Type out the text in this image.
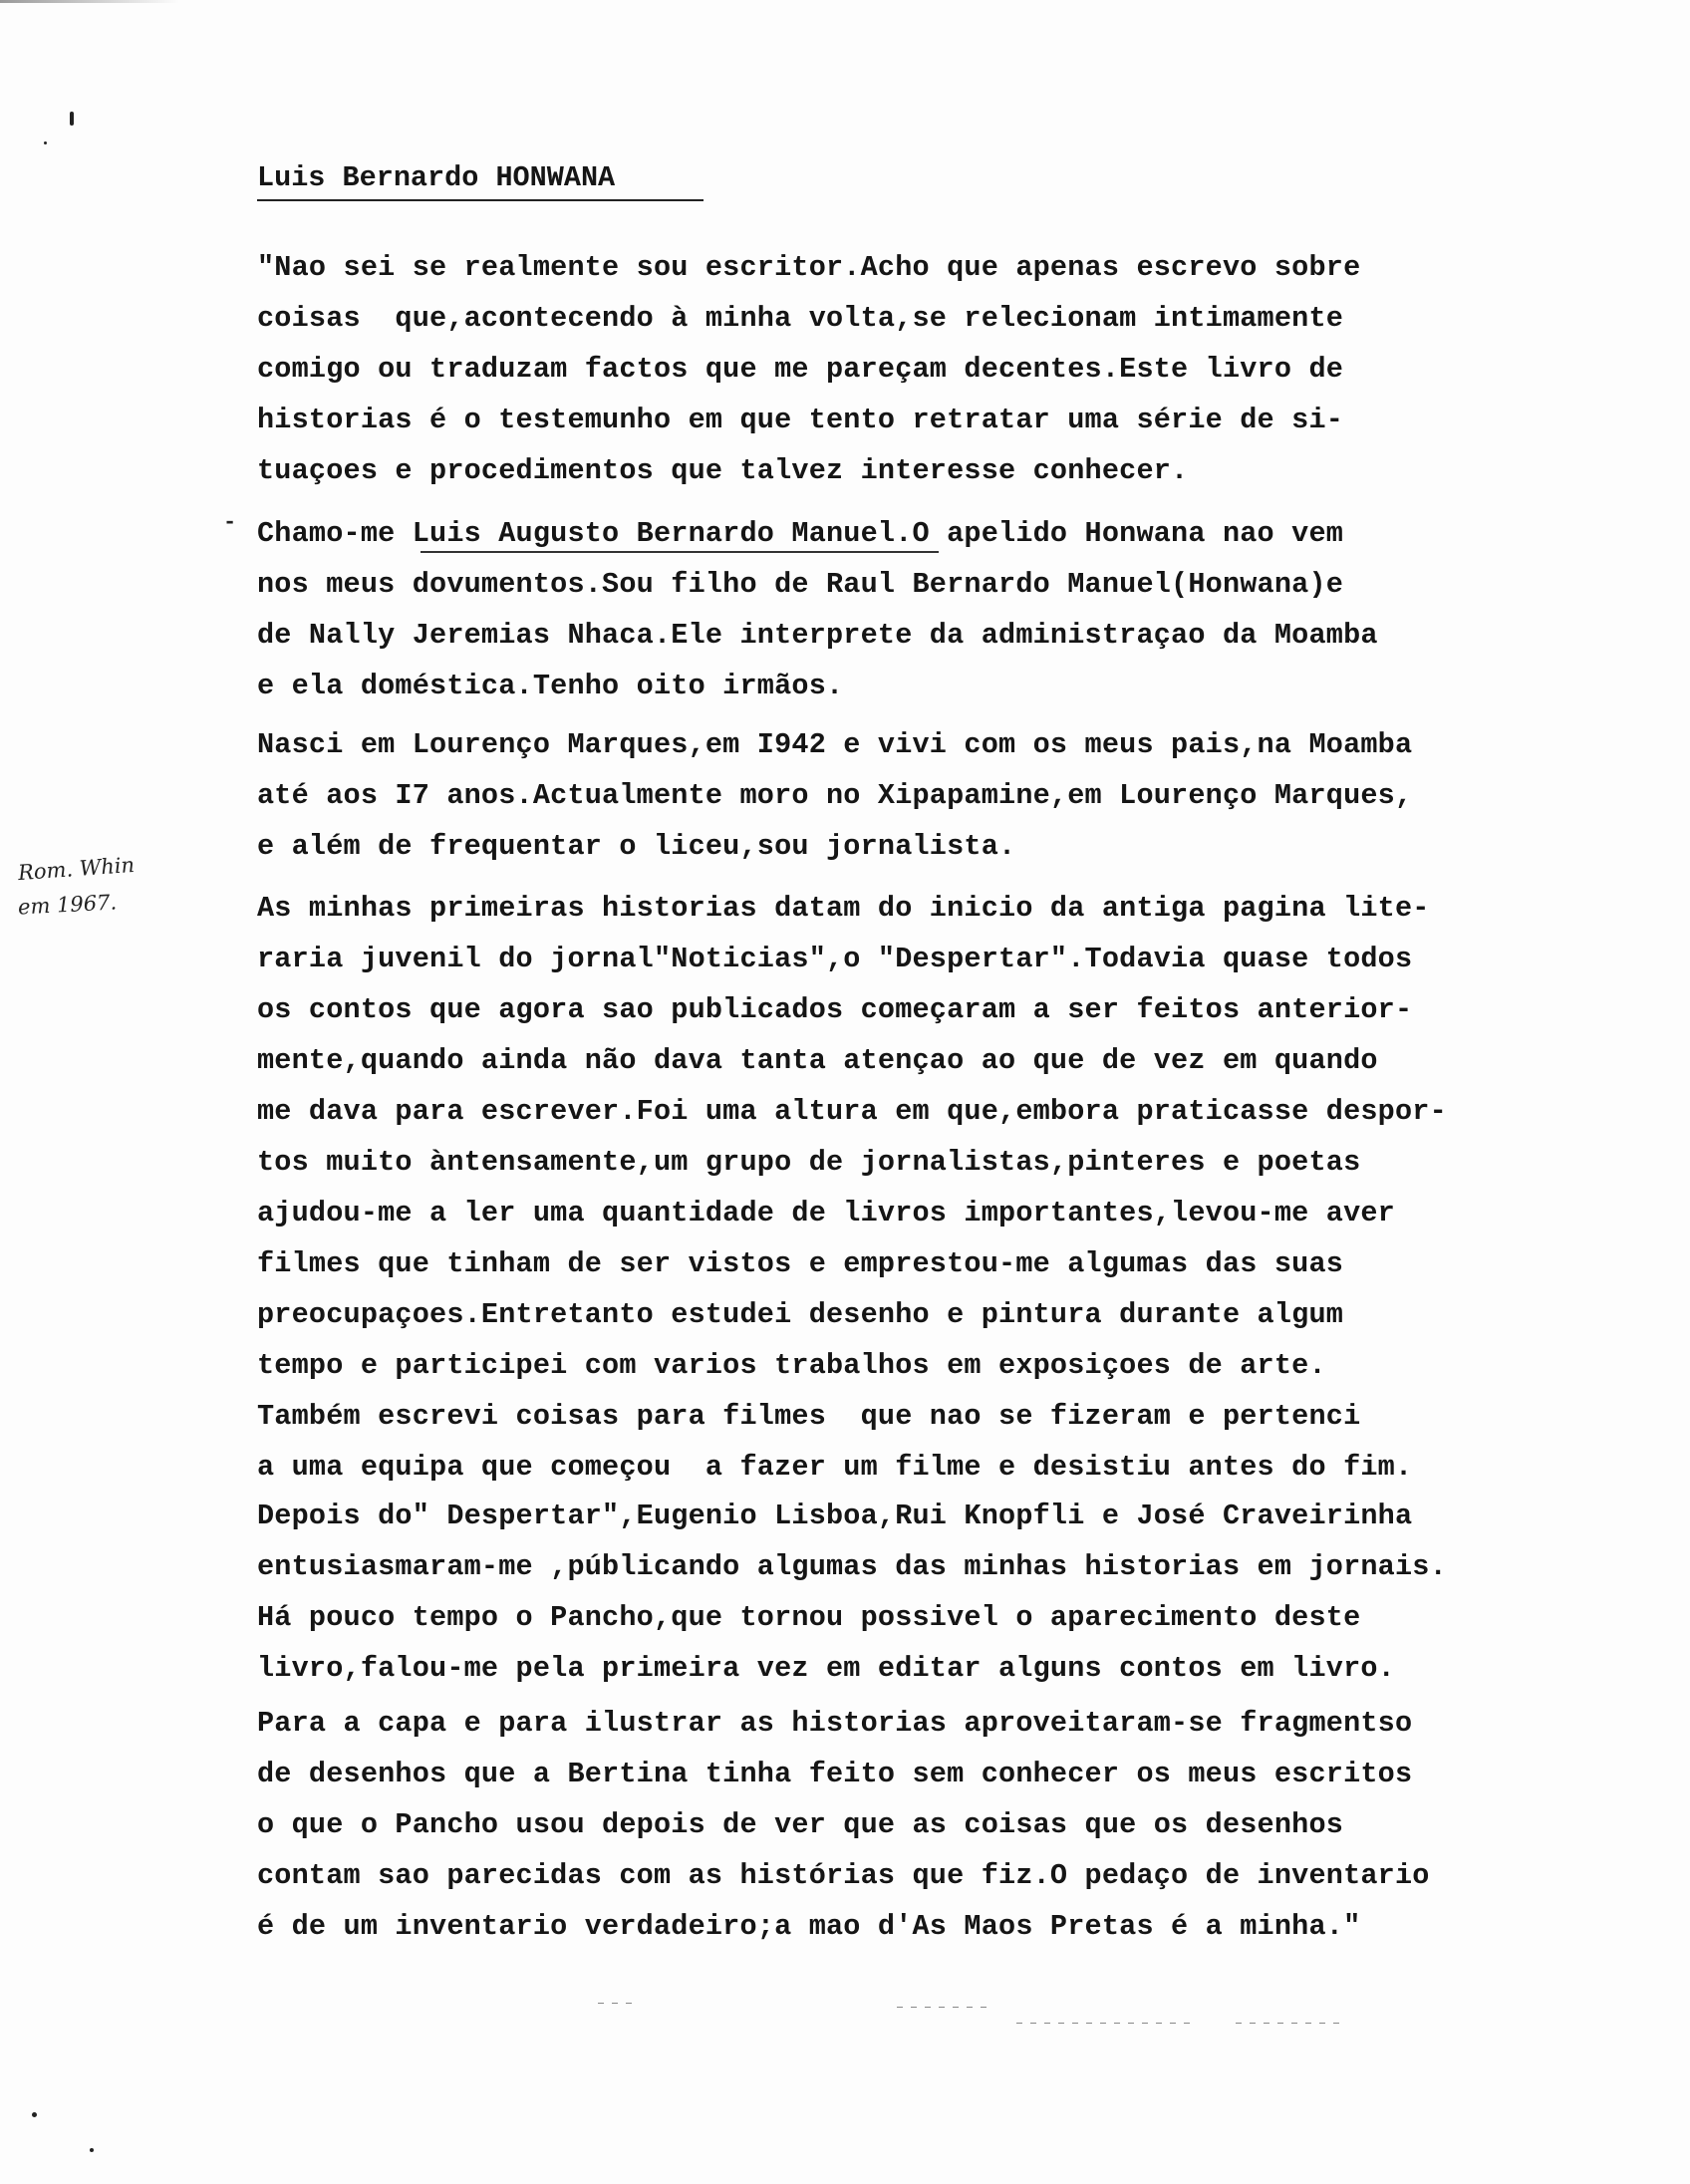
Luis Bernardo HONWANA
Rom. Whin
em 1967.
-
"Nao sei se realmente sou escritor.Acho que apenas escrevo sobre
coisas  que,acontecendo à minha volta,se relecionam intimamente
comigo ou traduzam factos que me pareçam decentes.Este livro de
historias é o testemunho em que tento retratar uma série de si-
tuaçoes e procedimentos que talvez interesse conhecer.
Chamo-me Luis Augusto Bernardo Manuel.O apelido Honwana nao vem
nos meus dovumentos.Sou filho de Raul Bernardo Manuel(Honwana)e
de Nally Jeremias Nhaca.Ele interprete da administraçao da Moamba
e ela doméstica.Tenho oito irmãos.
Nasci em Lourenço Marques,em I942 e vivi com os meus pais,na Moamba
até aos I7 anos.Actualmente moro no Xipapamine,em Lourenço Marques,
e além de frequentar o liceu,sou jornalista.
As minhas primeiras historias datam do inicio da antiga pagina lite-
raria juvenil do jornal"Noticias",o "Despertar".Todavia quase todos
os contos que agora sao publicados começaram a ser feitos anterior-
mente,quando ainda não dava tanta atençao ao que de vez em quando
me dava para escrever.Foi uma altura em que,embora praticasse despor-
tos muito àntensamente,um grupo de jornalistas,pinteres e poetas
ajudou-me a ler uma quantidade de livros importantes,levou-me aver
filmes que tinham de ser vistos e emprestou-me algumas das suas
preocupaçoes.Entretanto estudei desenho e pintura durante algum
tempo e participei com varios trabalhos em exposiçoes de arte.
Também escrevi coisas para filmes  que nao se fizeram e pertenci
a uma equipa que começou  a fazer um filme e desistiu antes do fim.
Depois do" Despertar",Eugenio Lisboa,Rui Knopfli e José Craveirinha
entusiasmaram-me ,públicando algumas das minhas historias em jornais.
Há pouco tempo o Pancho,que tornou possivel o aparecimento deste
livro,falou-me pela primeira vez em editar alguns contos em livro.
Para a capa e para ilustrar as historias aproveitaram-se fragmentso
de desenhos que a Bertina tinha feito sem conhecer os meus escritos
o que o Pancho usou depois de ver que as coisas que os desenhos
contam sao parecidas com as histórias que fiz.O pedaço de inventario
é de um inventario verdadeiro;a mao d'As Maos Pretas é a minha."
